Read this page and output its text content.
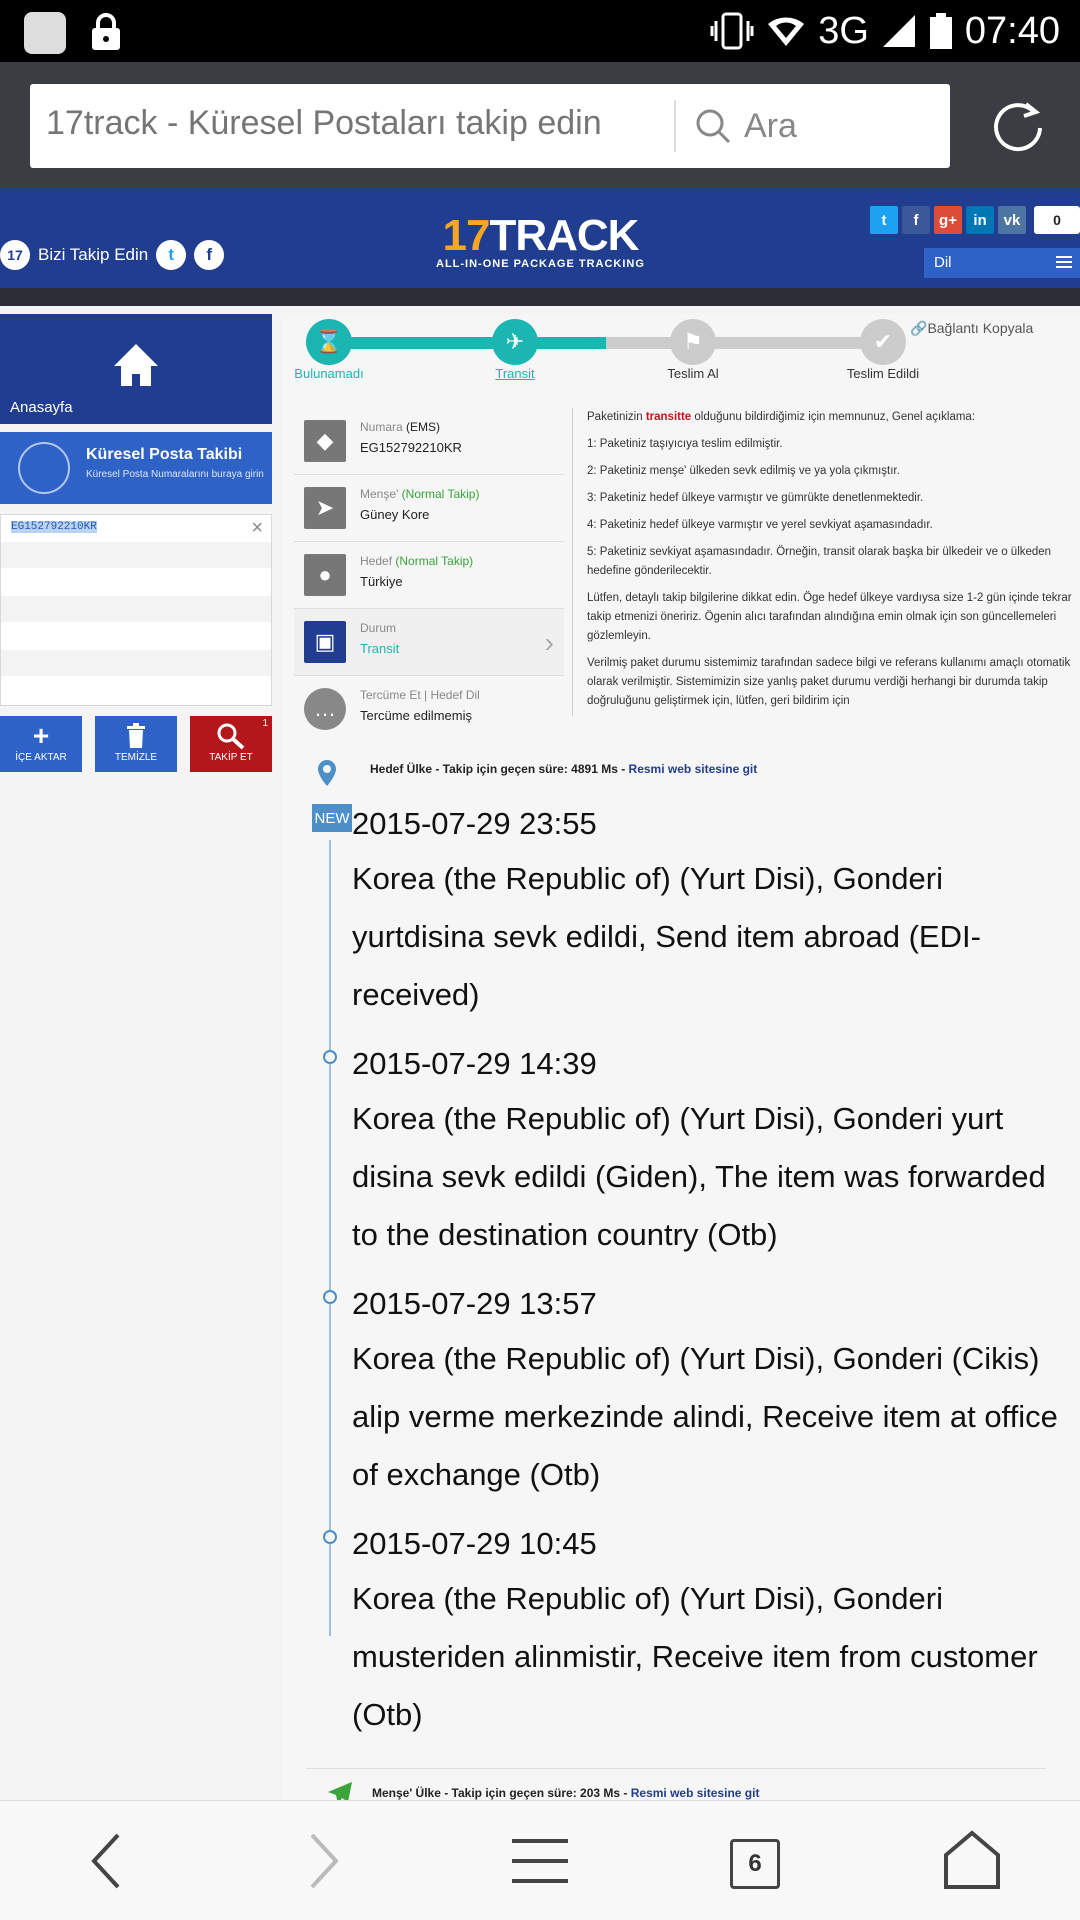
3G	07:40
17track - Küresel Postaları takip edin	Ara
17 Bizi Takip Edin	t	f	17TRACK
ALL-IN-ONE PACKAGE TRACKING
t	f	g+	in	vk	0
Dil
Anasayfa
Küresel Posta Takibi
Küresel Posta Numaralarını buraya girin
EG152792210KR	×
+
İÇE AKTAR	TEMİZLE	TAKİP ET
1
⌛	✈	⚑	✔
Bulunamadı	Transit	Teslim Al	Teslim Edildi
🔗Bağlantı Kopyala
◆
Numara (EMS)
EG152792210KR
➤
Menşe' (Normal Takip)
Güney Kore
●
Hedef (Normal Takip)
Türkiye
▣
Durum
Transit	›
…
Tercüme Et | Hedef Dil
Tercüme edilmemiş

Paketinizin transitte olduğunu bildirdiğimiz için memnunuz, Genel açıklama:

1: Paketiniz taşıyıcıya teslim edilmiştir.

2: Paketiniz menşe' ülkeden sevk edilmiş ve ya yola çıkmıştır.

3: Paketiniz hedef ülkeye varmıştır ve gümrükte denetlenmektedir.

4: Paketiniz hedef ülkeye varmıştır ve yerel sevkiyat aşamasındadır.

5: Paketiniz sevkiyat aşamasındadır. Örneğin, transit olarak başka bir ülkedeir ve o ülkeden hedefine gönderilecektir.

Lütfen, detaylı takip bilgilerine dikkat edin. Öge hedef ülkeye vardıysa size 1-2 gün içinde tekrar takip etmenizi öneririz. Ögenin alıcı tarafından alındığına emin olmak için son güncellemeleri gözlemleyin.

Verilmiş paket durumu sistemimiz tarafından sadece bilgi ve referans kullanımı amaçlı otomatik olarak verilmiştir. Sistemimizin size yanlış paket durumu verdiği herhangi bir durumda takip doğruluğunu geliştirmek için, lütfen, geri bildirim için

Hedef Ülke - Takip için geçen süre: 4891 Ms - Resmi web sitesine git
NEW 2015-07-29 23:55
Korea (the Republic of) (Yurt Disi), Gonderi yurtdisina sevk edildi, Send item abroad (EDI-received)
2015-07-29 14:39
Korea (the Republic of) (Yurt Disi), Gonderi yurt disina sevk edildi (Giden), The item was forwarded to the destination country (Otb)
2015-07-29 13:57
Korea (the Republic of) (Yurt Disi), Gonderi (Cikis) alip verme merkezinde alindi, Receive item at office of exchange (Otb)
2015-07-29 10:45
Korea (the Republic of) (Yurt Disi), Gonderi musteriden alinmistir, Receive item from customer (Otb)
Menşe' Ülke - Takip için geçen süre: 203 Ms - Resmi web sitesine git
6
